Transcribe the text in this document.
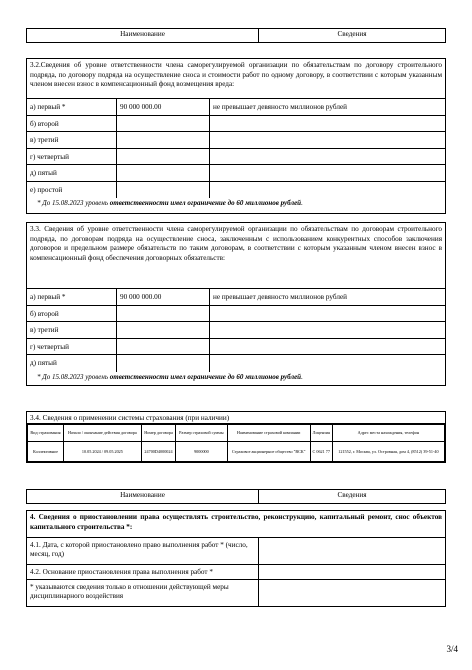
Наименование	Сведения
3.2.Сведения об уровне ответственности члена саморегулируемой организации по обязательствам по договору строительного подряда, по договору подряда на осуществление сноса и стоимости работ по одному договору, в соответствии с которым указанным членом внесен взнос в компенсационный фонд возмещения вреда:
а) первый *	90 000 000.00	не превышает девяносто миллионов рублей
б) второй
в) третий
г) четвертый
д) пятый
е) простой
* До 15.08.2023 уровень ответственности имел ограничение до 60 миллионов рублей.
3.3. Сведения об уровне ответственности члена саморегулируемой организации по обязательствам по договорам строительного подряда, по договорам подряда на осуществление сноса, заключенным с использованием конкурентных способов заключения договоров и предельном размере обязательств по таким договорам, в соответствии с которым указанным членом внесен взнос в компенсационный фонд обеспечения договорных обязательств:
а) первый *	90 000 000.00	не превышает девяносто миллионов рублей
б) второй
в) третий
г) четвертый
д) пятый
* До 15.08.2023 уровень ответственности имел ограничение до 60 миллионов рублей.
3.4. Сведения о применении системы страхования (при наличии)
Вид страхования	Начало / окончание действия договора	Номер договора	Размер страховой суммы	Наименование страховой компании	Лицензия	Адрес места нахождения, телефон
Коллективное	10.05.2024 / 09.05.2025	24700D4000024	9000000	Страховое акционерное общество "ВСК"	С 0621 77	121552, г. Москва, ул. Островная, дом 4, (8512) 39-51-40
Наименование	Сведения
4. Сведения о приостановлении права осуществлять строительство, реконструкцию, капитальный ремонт, снос объектов капитального строительства *:
4.1. Дата, с которой приостановлено право выполнения работ * (число, месяц, год)
4.2. Основание приостановления права выполнения работ *
* указываются сведения только в отношении действующей меры дисциплинарного воздействия
3/4
